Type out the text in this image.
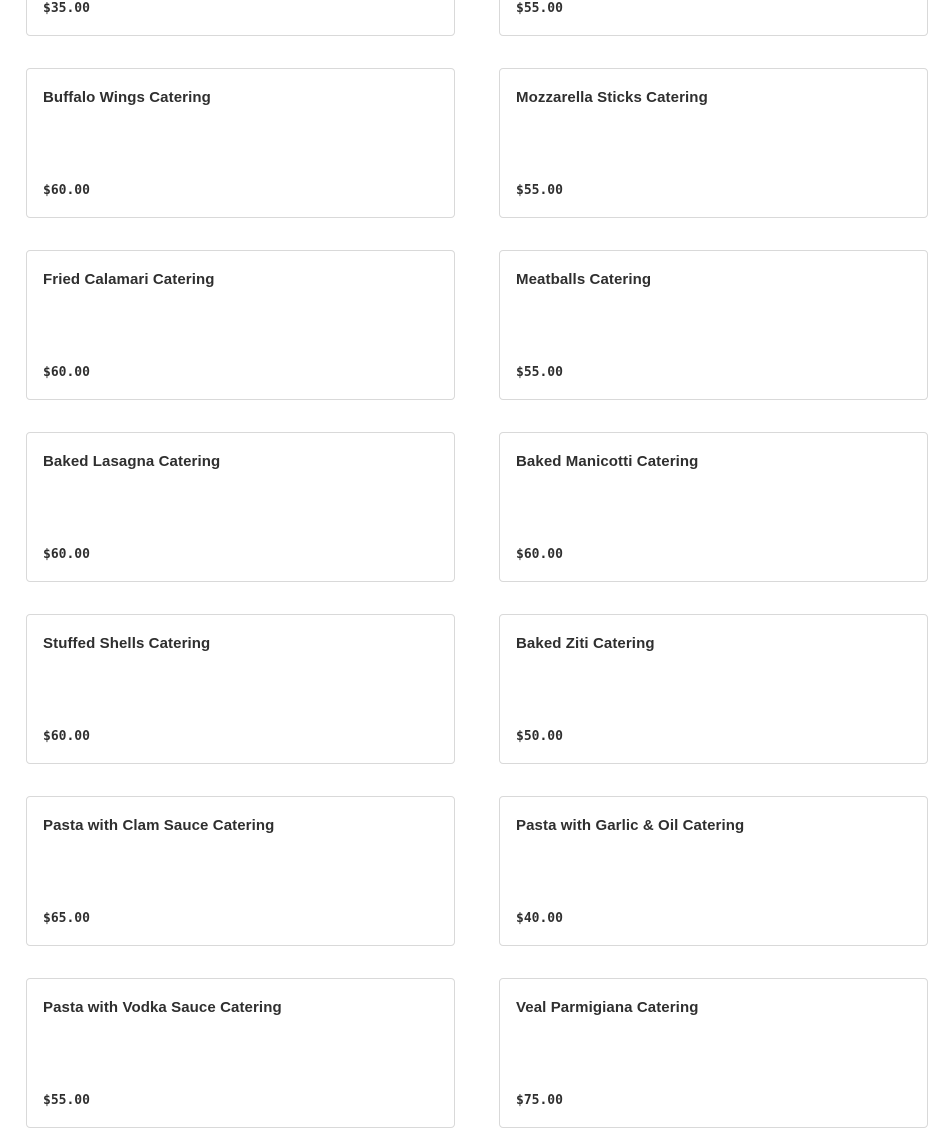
$35.00	$55.00
Buffalo Wings Catering
$60.00
Mozzarella Sticks Catering
$55.00
Fried Calamari Catering
$60.00
Meatballs Catering
$55.00
Baked Lasagna Catering
$60.00
Baked Manicotti Catering
$60.00
Stuffed Shells Catering
$60.00
Baked Ziti Catering
$50.00
Pasta with Clam Sauce Catering
$65.00
Pasta with Garlic & Oil Catering
$40.00
Pasta with Vodka Sauce Catering
$55.00
Veal Parmigiana Catering
$75.00
